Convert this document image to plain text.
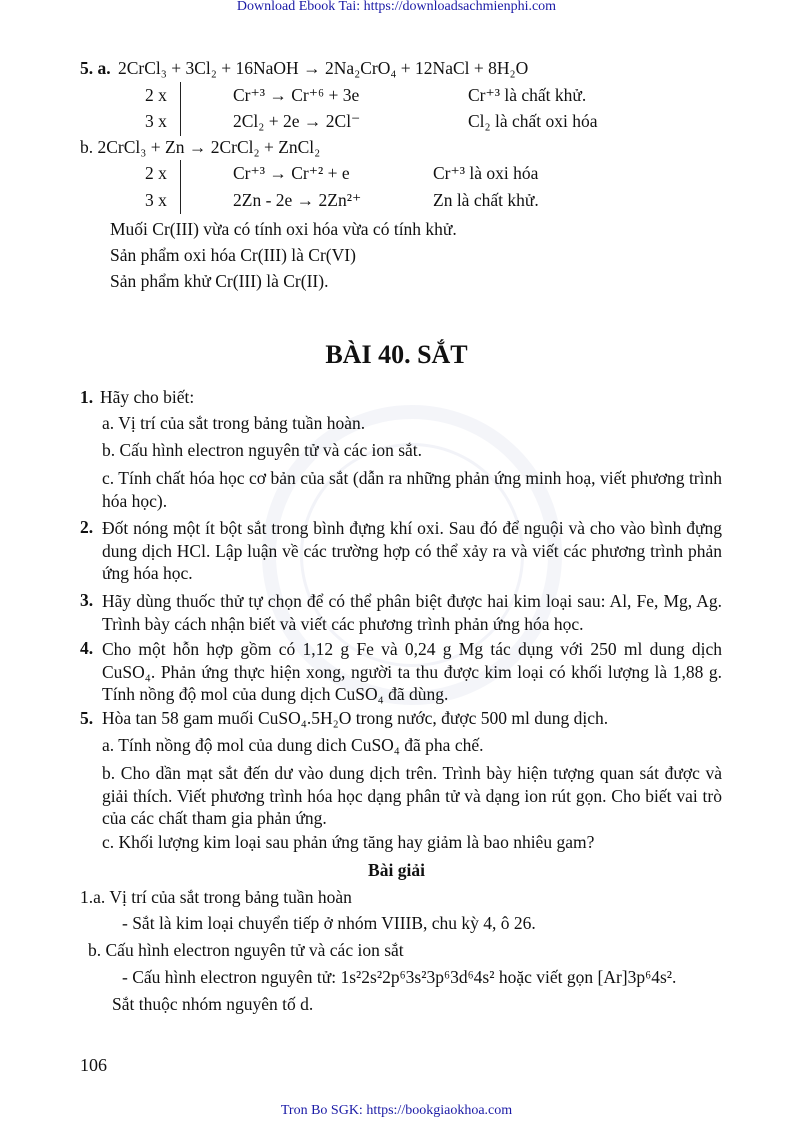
Download Ebook Tai: https://downloadsachmienphi.com
5. a. 2CrCl₃ + 3Cl₂ + 16NaOH → 2Na₂CrO₄ + 12NaCl + 8H₂O
2 x	Cr⁺³ → Cr⁺⁶ + 3e	Cr⁺³ là chất khử.
3 x	2Cl₂ + 2e → 2Cl⁻	Cl₂ là chất oxi hóa
b. 2CrCl₃ + Zn → 2CrCl₂ + ZnCl₂
2 x	Cr⁺³ → Cr⁺² + e	Cr⁺³ là oxi hóa
3 x	2Zn - 2e → 2Zn²⁺	Zn là chất khử.
Muối Cr(III) vừa có tính oxi hóa vừa có tính khử.
Sản phẩm oxi hóa Cr(III) là Cr(VI)
Sản phẩm khử Cr(III) là Cr(II).
BÀI 40. SẮT
1. Hãy cho biết:
a. Vị trí của sắt trong bảng tuần hoàn.
b. Cấu hình electron nguyên tử và các ion sắt.
c. Tính chất hóa học cơ bản của sắt (dẫn ra những phản ứng minh hoạ, viết phương trình hóa học).
2. Đốt nóng một ít bột sắt trong bình đựng khí oxi. Sau đó để nguội và cho vào bình đựng dung dịch HCl. Lập luận về các trường hợp có thể xảy ra và viết các phương trình phản ứng hóa học.
3. Hãy dùng thuốc thử tự chọn để có thể phân biệt được hai kim loại sau: Al, Fe, Mg, Ag. Trình bày cách nhận biết và viết các phương trình phản ứng hóa học.
4. Cho một hỗn hợp gồm có 1,12 g Fe và 0,24 g Mg tác dụng với 250 ml dung dịch CuSO₄. Phản ứng thực hiện xong, người ta thu được kim loại có khối lượng là 1,88 g. Tính nồng độ mol của dung dịch CuSO₄ đã dùng.
5. Hòa tan 58 gam muối CuSO₄.5H₂O trong nước, được 500 ml dung dịch.
a. Tính nồng độ mol của dung dich CuSO₄ đã pha chế.
b. Cho dần mạt sắt đến dư vào dung dịch trên. Trình bày hiện tượng quan sát được và giải thích. Viết phương trình hóa học dạng phân tử và dạng ion rút gọn. Cho biết vai trò của các chất tham gia phản ứng.
c. Khối lượng kim loại sau phản ứng tăng hay giảm là bao nhiêu gam?
Bài giải
1.a. Vị trí của sắt trong bảng tuần hoàn
- Sắt là kim loại chuyển tiếp ở nhóm VIIIB, chu kỳ 4, ô 26.
b. Cấu hình electron nguyên tử và các ion sắt
- Cấu hình electron nguyên tử: 1s²2s²2p⁶3s²3p⁶3d⁶4s² hoặc viết gọn [Ar]3p⁶4s².
Sắt thuộc nhóm nguyên tố d.
106
Tron Bo SGK: https://bookgiaokhoa.com
